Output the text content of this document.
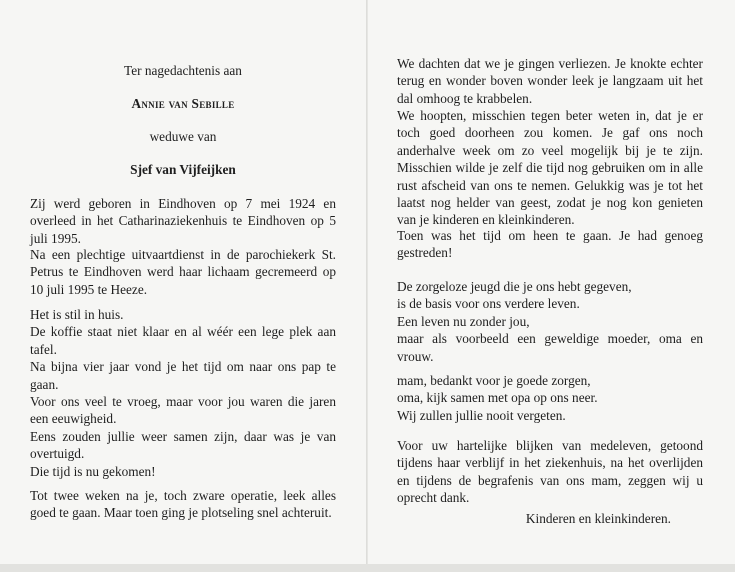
Ter nagedachtenis aan

Annie van Sebille

weduwe van

Sjef van Vijfeijken

Zij werd geboren in Eindhoven op 7 mei 1924 en overleed in het Catharinaziekenhuis te Eindhoven op 5 juli 1995.

Na een plechtige uitvaartdienst in de parochiekerk St. Petrus te Eindhoven werd haar lichaam gecremeerd op 10 juli 1995 te Heeze.

Het is stil in huis.

De koffie staat niet klaar en al wéér een lege plek aan tafel.

Na bijna vier jaar vond je het tijd om naar ons pap te gaan.

Voor ons veel te vroeg, maar voor jou waren die jaren een eeuwigheid.

Eens zouden jullie weer samen zijn, daar was je van overtuigd.

Die tijd is nu gekomen!

Tot twee weken na je, toch zware operatie, leek alles goed te gaan. Maar toen ging je plotseling snel achteruit.

We dachten dat we je gingen verliezen. Je knokte echter terug en wonder boven wonder leek je langzaam uit het dal omhoog te krabbelen.

We hoopten, misschien tegen beter weten in, dat je er toch goed doorheen zou komen. Je gaf ons noch anderhalve week om zo veel mogelijk bij je te zijn. Misschien wilde je zelf die tijd nog gebruiken om in alle rust afscheid van ons te nemen. Gelukkig was je tot het laatst nog helder van geest, zodat je nog kon genieten van je kinderen en kleinkinderen.

Toen was het tijd om heen te gaan. Je had genoeg gestreden!

De zorgeloze jeugd die je ons hebt gegeven,

is de basis voor ons verdere leven.

Een leven nu zonder jou,

maar als voorbeeld een geweldige moeder, oma en vrouw.

mam, bedankt voor je goede zorgen,

oma, kijk samen met opa op ons neer.

Wij zullen jullie nooit vergeten.

Voor uw hartelijke blijken van medeleven, getoond tijdens haar verblijf in het ziekenhuis, na het overlijden en tijdens de begrafenis van ons mam, zeggen wij u oprecht dank.

Kinderen en kleinkinderen.
